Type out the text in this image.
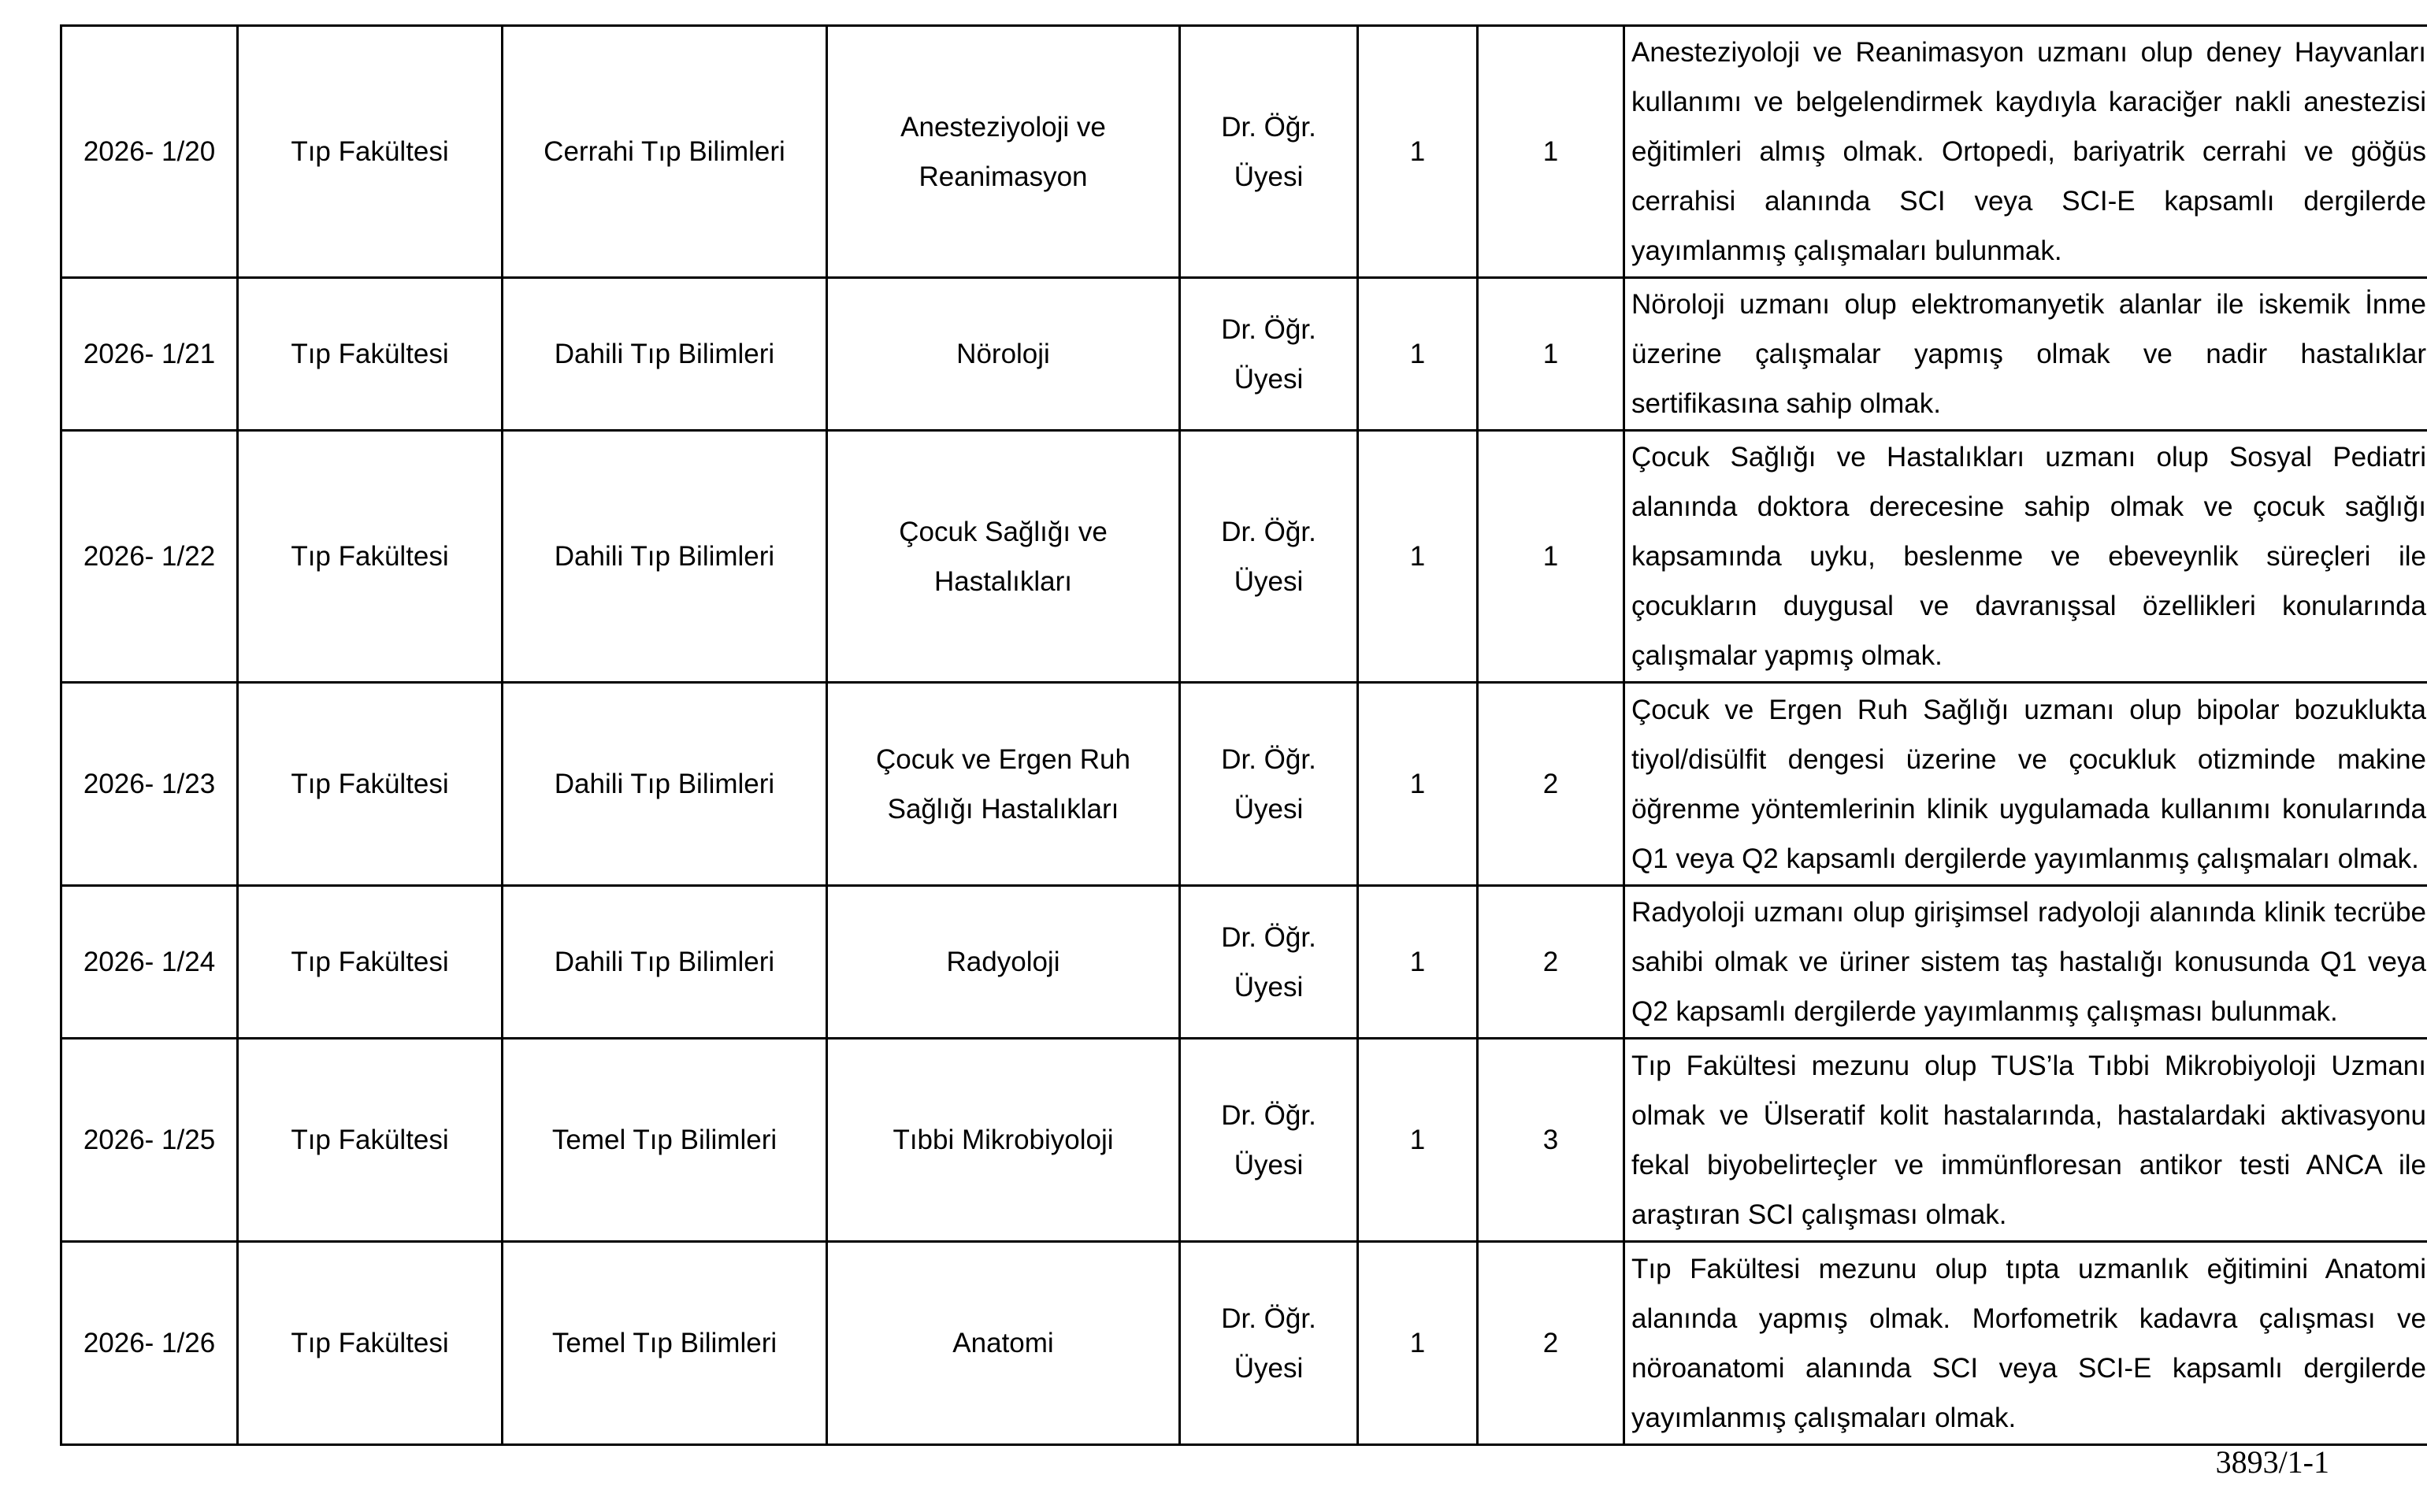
2026- 1/20	Tıp Fakültesi	Cerrahi Tıp Bilimleri	Anesteziyoloji ve Reanimasyon	Dr. Öğr. Üyesi	1	1	Anesteziyoloji ve Reanimasyon uzmanı olup deney Hayvanları kullanımı ve belgelendirmek kaydıyla karaciğer nakli anestezisi eğitimleri almış olmak. Ortopedi, bariyatrik cerrahi ve göğüs cerrahisi alanında SCI veya SCI-E kapsamlı dergilerde yayımlanmış çalışmaları bulunmak.
2026- 1/21	Tıp Fakültesi	Dahili Tıp Bilimleri	Nöroloji	Dr. Öğr. Üyesi	1	1	Nöroloji uzmanı olup elektromanyetik alanlar ile iskemik İnme üzerine çalışmalar yapmış olmak ve nadir hastalıklar sertifikasına sahip olmak.
2026- 1/22	Tıp Fakültesi	Dahili Tıp Bilimleri	Çocuk Sağlığı ve Hastalıkları	Dr. Öğr. Üyesi	1	1	Çocuk Sağlığı ve Hastalıkları uzmanı olup Sosyal Pediatri alanında doktora derecesine sahip olmak ve çocuk sağlığı kapsamında uyku, beslenme ve ebeveynlik süreçleri ile çocukların duygusal ve davranışsal özellikleri konularında çalışmalar yapmış olmak.
2026- 1/23	Tıp Fakültesi	Dahili Tıp Bilimleri	Çocuk ve Ergen Ruh Sağlığı Hastalıkları	Dr. Öğr. Üyesi	1	2	Çocuk ve Ergen Ruh Sağlığı uzmanı olup bipolar bozuklukta tiyol/disülfit dengesi üzerine ve çocukluk otizminde makine öğrenme yöntemlerinin klinik uygulamada kullanımı konularında Q1 veya Q2 kapsamlı dergilerde yayımlanmış çalışmaları olmak.
2026- 1/24	Tıp Fakültesi	Dahili Tıp Bilimleri	Radyoloji	Dr. Öğr. Üyesi	1	2	Radyoloji uzmanı olup girişimsel radyoloji alanında klinik tecrübe sahibi olmak ve üriner sistem taş hastalığı konusunda Q1 veya Q2 kapsamlı dergilerde yayımlanmış çalışması bulunmak.
2026- 1/25	Tıp Fakültesi	Temel Tıp Bilimleri	Tıbbi Mikrobiyoloji	Dr. Öğr. Üyesi	1	3	Tıp Fakültesi mezunu olup TUS’la Tıbbi Mikrobiyoloji Uzmanı olmak ve Ülseratif kolit hastalarında, hastalardaki aktivasyonu fekal biyobelirteçler ve immünfloresan antikor testi ANCA ile araştıran SCI çalışması olmak.
2026- 1/26	Tıp Fakültesi	Temel Tıp Bilimleri	Anatomi	Dr. Öğr. Üyesi	1	2	Tıp Fakültesi mezunu olup tıpta uzmanlık eğitimini Anatomi alanında yapmış olmak. Morfometrik kadavra çalışması ve nöroanatomi alanında SCI veya SCI-E kapsamlı dergilerde yayımlanmış çalışmaları olmak.
3893/1-1
